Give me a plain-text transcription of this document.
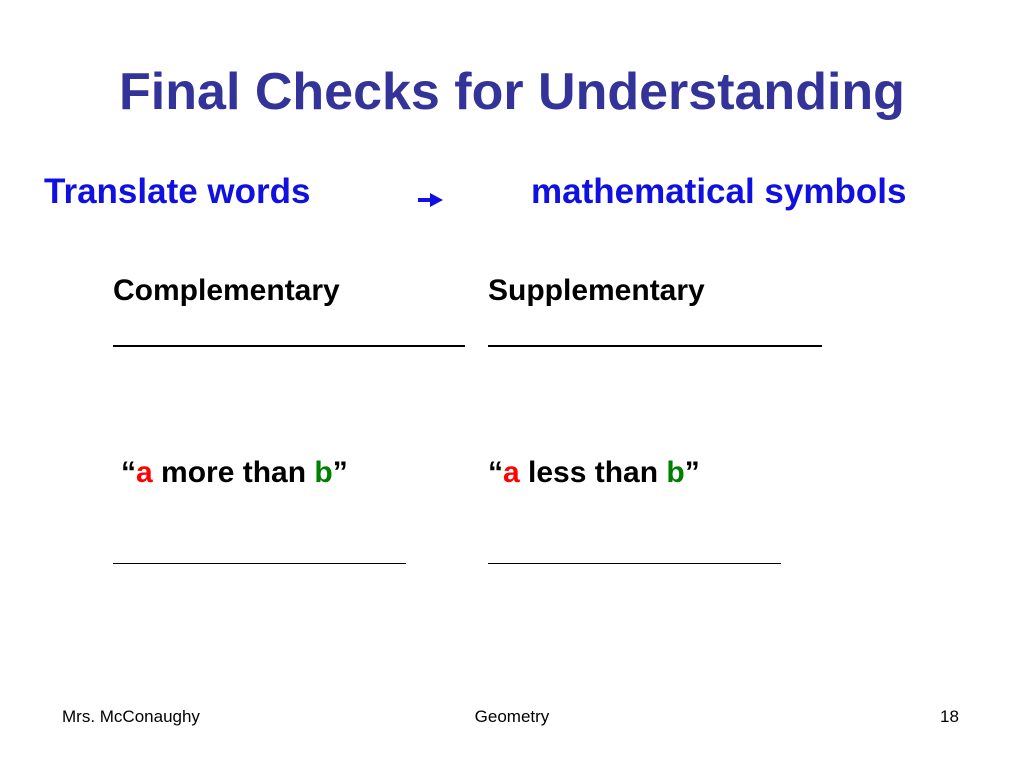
Final Checks for Understanding
Translate words	mathematical symbols
Complementary	Supplementary
“a more than b”	“a less than b”
Mrs. McConaughy	Geometry	18
